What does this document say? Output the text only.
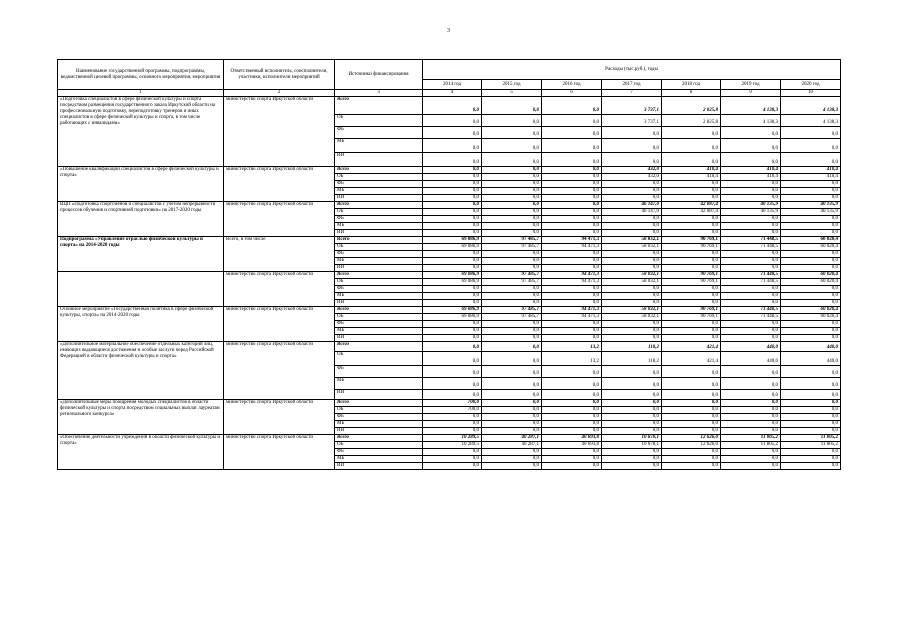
3
Наименование государственной программы, подпрограммы, ведомственной целевой программы, основного мероприятия, мероприятия	Ответственный исполнитель, соисполнители, участники, исполнители мероприятий	Источники финансирования	Расходы (тыс.руб.), годы						
			2014 год	2015 год	2016 год	2017 год	2018 год	2019 год	2020 год
1	2	3	4	5	6	7	8	9	10
«Подготовка специалистов в сфере физической культуры и спорта посредством размещения государственного заказа Иркутской области на профессиональную подготовку, переподготовку тренеров и иных специалистов в сфере физической культуры и спорта, в том числе работающих с инвалидами»	министерство спорта Иркутской области	Всего	0,0	0,0	0,0	3 737,1	2 825,8	4 138,3	4 138,3
		ОБ	0,0	0,0	0,0	3 737,1	2 825,8	4 138,3	4 138,3
		ФБ	0,0	0,0	0,0	0,0	0,0	0,0	0,0
		МБ	0,0	0,0	0,0	0,0	0,0	0,0	0,0
		ИИ	0,0	0,0	0,0	0,0	0,0	0,0	0,0
«Повышение квалификации специалистов в сфере физической культуры и спорта»	министерство спорта Иркутской области	Всего	0,0	0,0	0,0	432,0	410,4	410,4	410,4
		ОБ	0,0	0,0	0,0	432,0	410,4	410,4	410,4
		ФБ	0,0	0,0	0,0	0,0	0,0	0,0	0,0
		МБ	0,0	0,0	0,0	0,0	0,0	0,0	0,0
		ИИ	0,0	0,0	0,0	0,0	0,0	0,0	0,0
ВЦП «Подготовка спортсменов и специалистов с учетом непрерывности процессов обучения и спортивной подготовки» на 2017-2020 годы	министерство спорта Иркутской области	Всего	0,0	0,0	0,0	46 147,0	42 087,4	40 135,9	40 135,9
		ОБ	0,0	0,0	0,0	46 147,0	42 087,4	40 135,9	40 135,9
		ФБ	0,0	0,0	0,0	0,0	0,0	0,0	0,0
		МБ	0,0	0,0	0,0	0,0	0,0	0,0	0,0
		ИИ	0,0	0,0	0,0	0,0	0,0	0,0	0,0
Подпрограмма «Управление отраслью физической культуры и спорта» на 2014-2020 годы	Всего, в том числе	Всего	69 086,9	97 485,7	94 471,3	58 032,1	90 769,1	71 448,5	60 020,4
		ОБ	69 086,9	97 485,7	94 471,3	58 032,1	90 769,1	71 448,5	60 020,4
		ФБ	0,0	0,0	0,0	0,0	0,0	0,0	0,0
		МБ	0,0	0,0	0,0	0,0	0,0	0,0	0,0
		ИИ	0,0	0,0	0,0	0,0	0,0	0,0	0,0
	министерство спорта Иркутской области	Всего	69 086,9	97 485,7	94 471,3	58 032,1	90 769,1	71 448,5	60 020,4
		ОБ	69 086,9	97 485,7	94 471,3	58 032,1	90 769,1	71 448,5	60 020,4
		ФБ	0,0	0,0	0,0	0,0	0,0	0,0	0,0
		МБ	0,0	0,0	0,0	0,0	0,0	0,0	0,0
		ИИ	0,0	0,0	0,0	0,0	0,0	0,0	0,0
Основное мероприятие «Государственная политика в сфере физической культуры, спорта» на 2014-2020 годы	министерство спорта Иркутской области	Всего	69 086,9	97 485,7	94 471,3	58 032,1	90 769,1	71 448,5	60 020,4
		ОБ	69 086,9	97 485,7	94 471,3	58 032,1	90 769,1	71 448,5	60 020,4
		ФБ	0,0	0,0	0,0	0,0	0,0	0,0	0,0
		МБ	0,0	0,0	0,0	0,0	0,0	0,0	0,0
		ИИ	0,0	0,0	0,0	0,0	0,0	0,0	0,0
«Дополнительное материальное обеспечение отдельных категорий лиц, имеющих выдающиеся достижения и особые заслуги перед Российской Федерацией в области физической культуры и спорта»	министерство спорта Иркутской области	Всего	0,0	0,0	13,2	118,2	421,4	440,0	440,0
		ОБ	0,0	0,0	13,2	118,2	421,4	440,0	440,0
		ФБ	0,0	0,0	0,0	0,0	0,0	0,0	0,0
		МБ	0,0	0,0	0,0	0,0	0,0	0,0	0,0
		ИИ	0,0	0,0	0,0	0,0	0,0	0,0	0,0
«Дополнительные меры поощрения молодых специалистов в области физической культуры и спорта посредством социальных выплат лауреатам регионального конкурса»	министерство спорта Иркутской области	Всего	700,0	0,0	0,0	0,0	0,0	0,0	0,0
		ОБ	700,0	0,0	0,0	0,0	0,0	0,0	0,0
		ФБ	0,0	0,0	0,0	0,0	0,0	0,0	0,0
		МБ	0,0	0,0	0,0	0,0	0,0	0,0	0,0
		ИИ	0,0	0,0	0,0	0,0	0,0	0,0	0,0
«Обеспечение деятельности учреждений в области физической культуры и спорта»	министерство спорта Иркутской области	Всего	10 289,5	40 287,1	40 693,8	10 678,1	12 626,0	11 805,2	11 805,2
		ОБ	10 289,5	40 287,1	40 693,8	10 678,1	12 626,0	11 805,2	11 805,2
		ФБ	0,0	0,0	0,0	0,0	0,0	0,0	0,0
		МБ	0,0	0,0	0,0	0,0	0,0	0,0	0,0
		ИИ	0,0	0,0	0,0	0,0	0,0	0,0	0,0
